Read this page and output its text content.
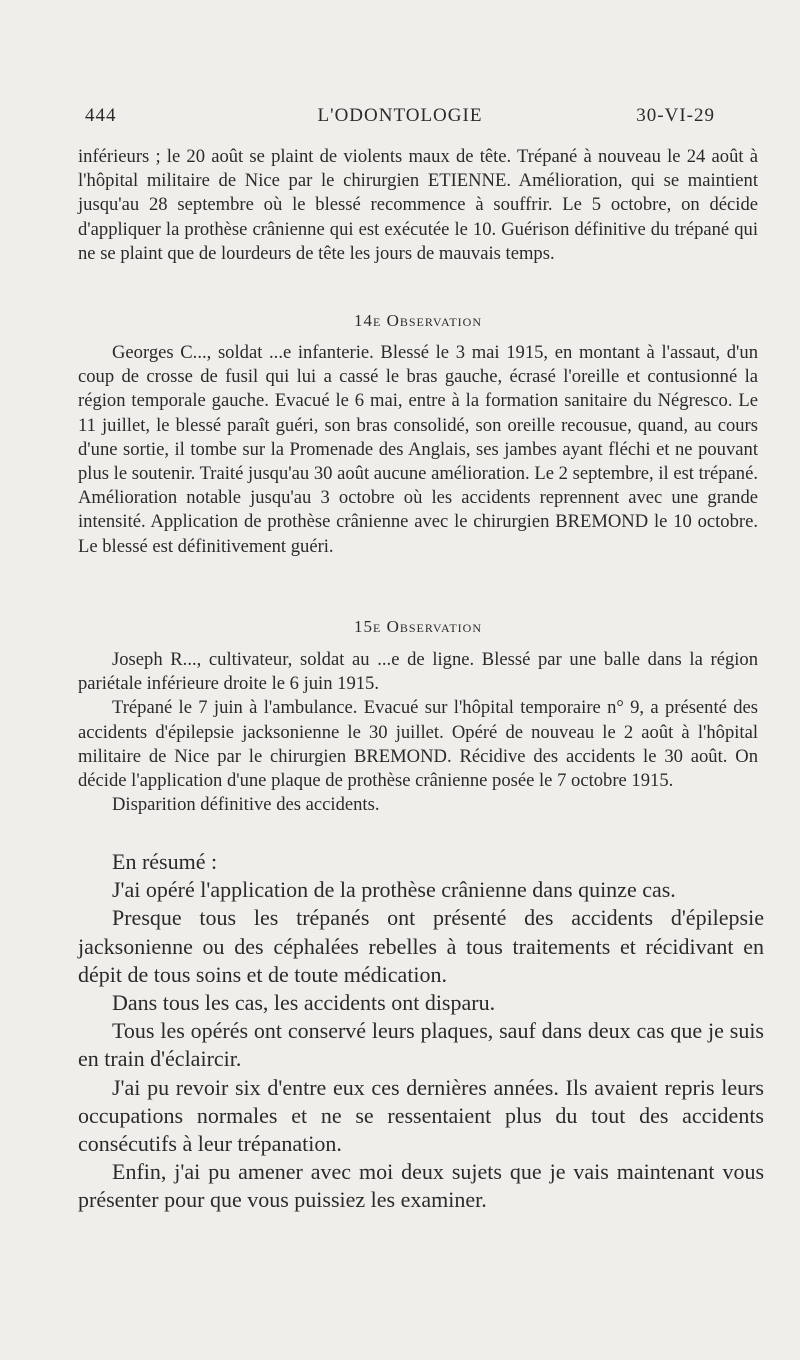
444	L'ODONTOLOGIE	30-VI-29

inférieurs ; le 20 août se plaint de violents maux de tête. Trépané à nouveau le 24 août à l'hôpital militaire de Nice par le chirurgien ETIENNE. Amélioration, qui se maintient jusqu'au 28 septembre où le blessé recommence à souffrir. Le 5 octobre, on décide d'appliquer la prothèse crânienne qui est exécutée le 10. Guérison définitive du trépané qui ne se plaint que de lourdeurs de tête les jours de mauvais temps.

14e Observation

Georges C..., soldat ...e infanterie. Blessé le 3 mai 1915, en montant à l'assaut, d'un coup de crosse de fusil qui lui a cassé le bras gauche, écrasé l'oreille et contusionné la région temporale gauche. Evacué le 6 mai, entre à la formation sanitaire du Négresco. Le 11 juillet, le blessé paraît guéri, son bras consolidé, son oreille recousue, quand, au cours d'une sortie, il tombe sur la Promenade des Anglais, ses jambes ayant fléchi et ne pouvant plus le soutenir. Traité jusqu'au 30 août aucune amélioration. Le 2 septembre, il est trépané. Amélioration notable jusqu'au 3 octobre où les accidents reprennent avec une grande intensité. Application de prothèse crânienne avec le chirurgien BREMOND le 10 octobre. Le blessé est définitivement guéri.

15e Observation

Joseph R..., cultivateur, soldat au ...e de ligne. Blessé par une balle dans la région pariétale inférieure droite le 6 juin 1915.

Trépané le 7 juin à l'ambulance. Evacué sur l'hôpital temporaire n° 9, a présenté des accidents d'épilepsie jacksonienne le 30 juillet. Opéré de nouveau le 2 août à l'hôpital militaire de Nice par le chirurgien BREMOND. Récidive des accidents le 30 août. On décide l'application d'une plaque de prothèse crânienne posée le 7 octobre 1915.

Disparition définitive des accidents.

En résumé :

J'ai opéré l'application de la prothèse crânienne dans quinze cas.

Presque tous les trépanés ont présenté des accidents d'épilepsie jacksonienne ou des céphalées rebelles à tous traitements et récidivant en dépit de tous soins et de toute médication.

Dans tous les cas, les accidents ont disparu.

Tous les opérés ont conservé leurs plaques, sauf dans deux cas que je suis en train d'éclaircir.

J'ai pu revoir six d'entre eux ces dernières années. Ils avaient repris leurs occupations normales et ne se ressentaient plus du tout des accidents consécutifs à leur trépanation.

Enfin, j'ai pu amener avec moi deux sujets que je vais maintenant vous présenter pour que vous puissiez les examiner.
